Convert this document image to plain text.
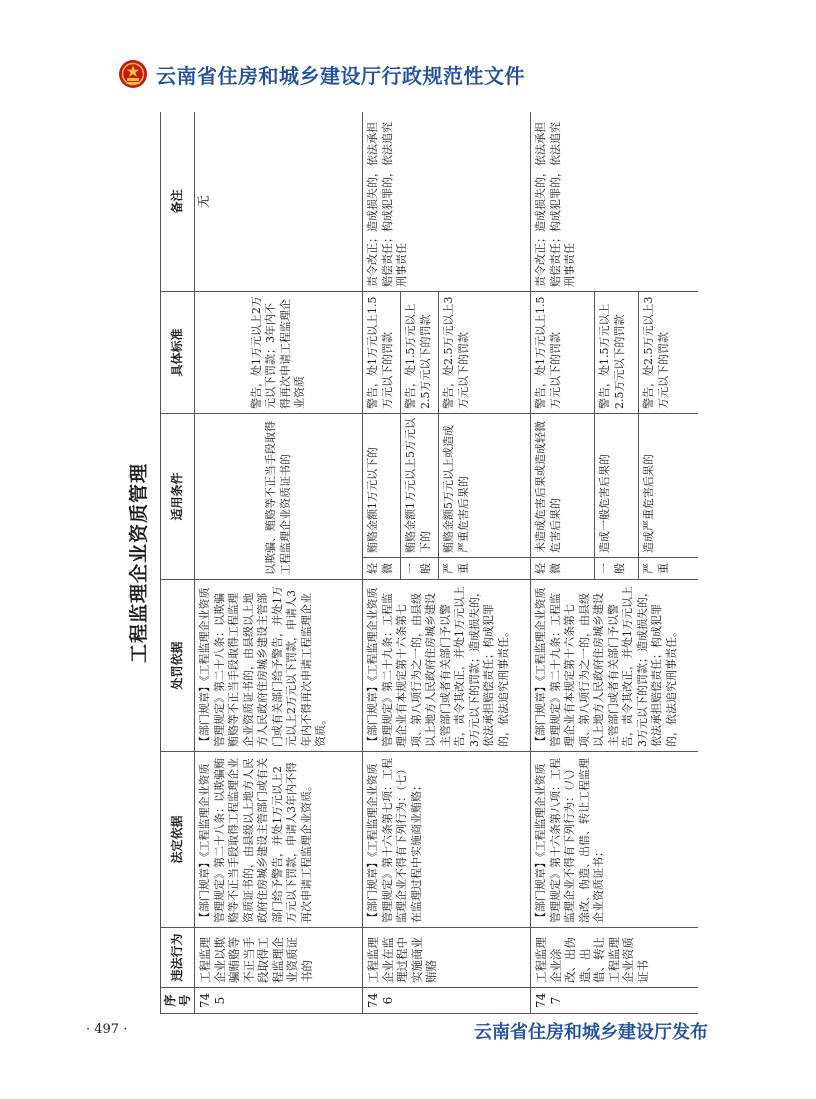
云南省住房和城乡建设厅行政规范性文件
工程监理企业资质管理
序号	违法行为	法定依据	处罚依据	适用条件		具体标准	备注
745	工程监理企业以欺骗贿赂等不正当手段取得工程监理企业资质证书的	【部门规章】《工程监理企业资质管理规定》第二十八条：以欺骗贿赂等不正当手段取得工程监理企业资质证书的，由县级以上地方人民政府住房城乡建设主管部门或有关部门给予警告，并处1万元以上2万元以下罚款，申请人3年内不得再次申请工程监理企业资质。	【部门规章】《工程监理企业资质管理规定》第二十八条：以欺骗贿赂等不正当手段取得工程监理企业资质证书的，由县级以上地方人民政府住房城乡建设主管部门或有关部门给予警告，并处1万元以上2万元以下罚款，申请人3年内不得再次申请工程监理企业资质。	以欺骗、贿赂等不正当手段取得工程监理企业资质证书的		警告，处1万元以上2万元以下罚款；3年内不得再次申请工程监理企业资质	无
746	工程监理企业在监理过程中实施商业贿赂	【部门规章】《工程监理企业资质管理规定》第十六条第七项：工程监理企业不得有下列行为：（七）在监理过程中实施商业贿赂；	【部门规章】《工程监理企业资质管理规定》第二十九条：工程监理企业有本规定第十六条第七项、第八项行为之一的，由县级以上地方人民政府住房城乡建设主管部门或者有关部门予以警告，责令其改正，并处1万元以上3万元以下的罚款；造成损失的，依法承担赔偿责任；构成犯罪的，依法追究刑事责任。	轻微	贿赂金额1万元以下的	警告，处1万元以上1.5万元以下的罚款	责令改正；造成损失的，依法承担赔偿责任；构成犯罪的，依法追究刑事责任
				一般	贿赂金额1万元以上5万元以下的	警告，处1.5万元以上2.5万元以下的罚款	
				严重	贿赂金额5万元以上或造成严重危害后果的	警告，处2.5万元以上3万元以下的罚款	
747	工程监理企业涂改、出伪造、出借、转让工程监理企业资质证书	【部门规章】《工程监理企业资质管理规定》第十六条第八项：工程监理企业不得有下列行为：（八）涂改、伪造、出借、转让工程监理企业资质证书；	【部门规章】《工程监理企业资质管理规定》第二十九条：工程监理企业有本规定第十六条第七项、第八项行为之一的，由县级以上地方人民政府住房城乡建设主管部门或者有关部门予以警告，责令其改正，并处1万元以上3万元以下的罚款；造成损失的，依法承担赔偿责任；构成犯罪的，依法追究刑事责任。	轻微	未造成危害后果或造成轻微危害后果的	警告，处1万元以上1.5万元以下的罚款	责令改正；造成损失的，依法承担赔偿责任；构成犯罪的，依法追究刑事责任
				一般	造成一般危害后果的	警告，处1.5万元以上2.5万元以下的罚款	
				严重	造成严重危害后果的	警告，处2.5万元以上3万元以下的罚款	
· 497 ·	云南省住房和城乡建设厅发布
